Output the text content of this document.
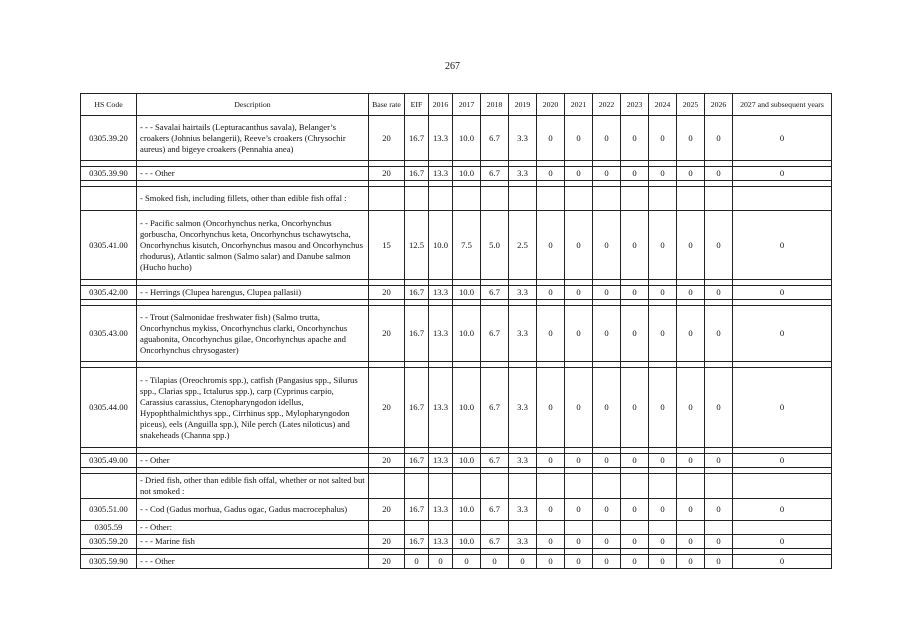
267
HS Code	Description	Base rate	EIF	2016	2017	2018	2019	2020	2021	2022	2023	2024	2025	2026	2027 and subsequent years
0305.39.20	- - - Savalai hairtails (Lepturacanthus savala), Belanger’s croakers (Johnius belangerii), Reeve’s croakers (Chrysochir aureus) and bigeye croakers (Pennahia anea)	20	16.7	13.3	10.0	6.7	3.3	0	0	0	0	0	0	0	0

0305.39.90	- - - Other	20	16.7	13.3	10.0	6.7	3.3	0	0	0	0	0	0	0	0

	- Smoked fish, including fillets, other than edible fish offal :														
0305.41.00	- - Pacific salmon (Oncorhynchus nerka, Oncorhynchus gorbuscha, Oncorhynchus keta, Oncorhynchus tschawytscha, Oncorhynchus kisutch, Oncorhynchus masou and Oncorhynchus rhodurus), Atlantic salmon (Salmo salar) and Danube salmon (Hucho hucho)	15	12.5	10.0	7.5	5.0	2.5	0	0	0	0	0	0	0	0

0305.42.00	- - Herrings (Clupea harengus, Clupea pallasii)	20	16.7	13.3	10.0	6.7	3.3	0	0	0	0	0	0	0	0

0305.43.00	- - Trout (Salmonidae freshwater fish) (Salmo trutta, Oncorhynchus mykiss, Oncorhynchus clarki, Oncorhynchus aguabonita, Oncorhynchus gilae, Oncorhynchus apache and Oncorhynchus chrysogaster)	20	16.7	13.3	10.0	6.7	3.3	0	0	0	0	0	0	0	0

0305.44.00	- - Tilapias (Oreochromis spp.), catfish (Pangasius spp., Silurus spp., Clarias spp., Ictalurus spp.), carp (Cyprinus carpio, Carassius carassius, Ctenopharyngodon idellus, Hypophthalmichthys spp., Cirrhinus spp., Mylopharyngodon piceus), eels (Anguilla spp.), Nile perch (Lates niloticus) and snakeheads (Channa spp.)	20	16.7	13.3	10.0	6.7	3.3	0	0	0	0	0	0	0	0

0305.49.00	- - Other	20	16.7	13.3	10.0	6.7	3.3	0	0	0	0	0	0	0	0

	- Dried fish, other than edible fish offal, whether or not salted but not smoked :														
0305.51.00	- - Cod (Gadus morhua, Gadus ogac, Gadus macrocephalus)	20	16.7	13.3	10.0	6.7	3.3	0	0	0	0	0	0	0	0
0305.59	- - Other:														
0305.59.20	- - - Marine fish	20	16.7	13.3	10.0	6.7	3.3	0	0	0	0	0	0	0	0

0305.59.90	- - - Other	20	0	0	0	0	0	0	0	0	0	0	0	0	0
